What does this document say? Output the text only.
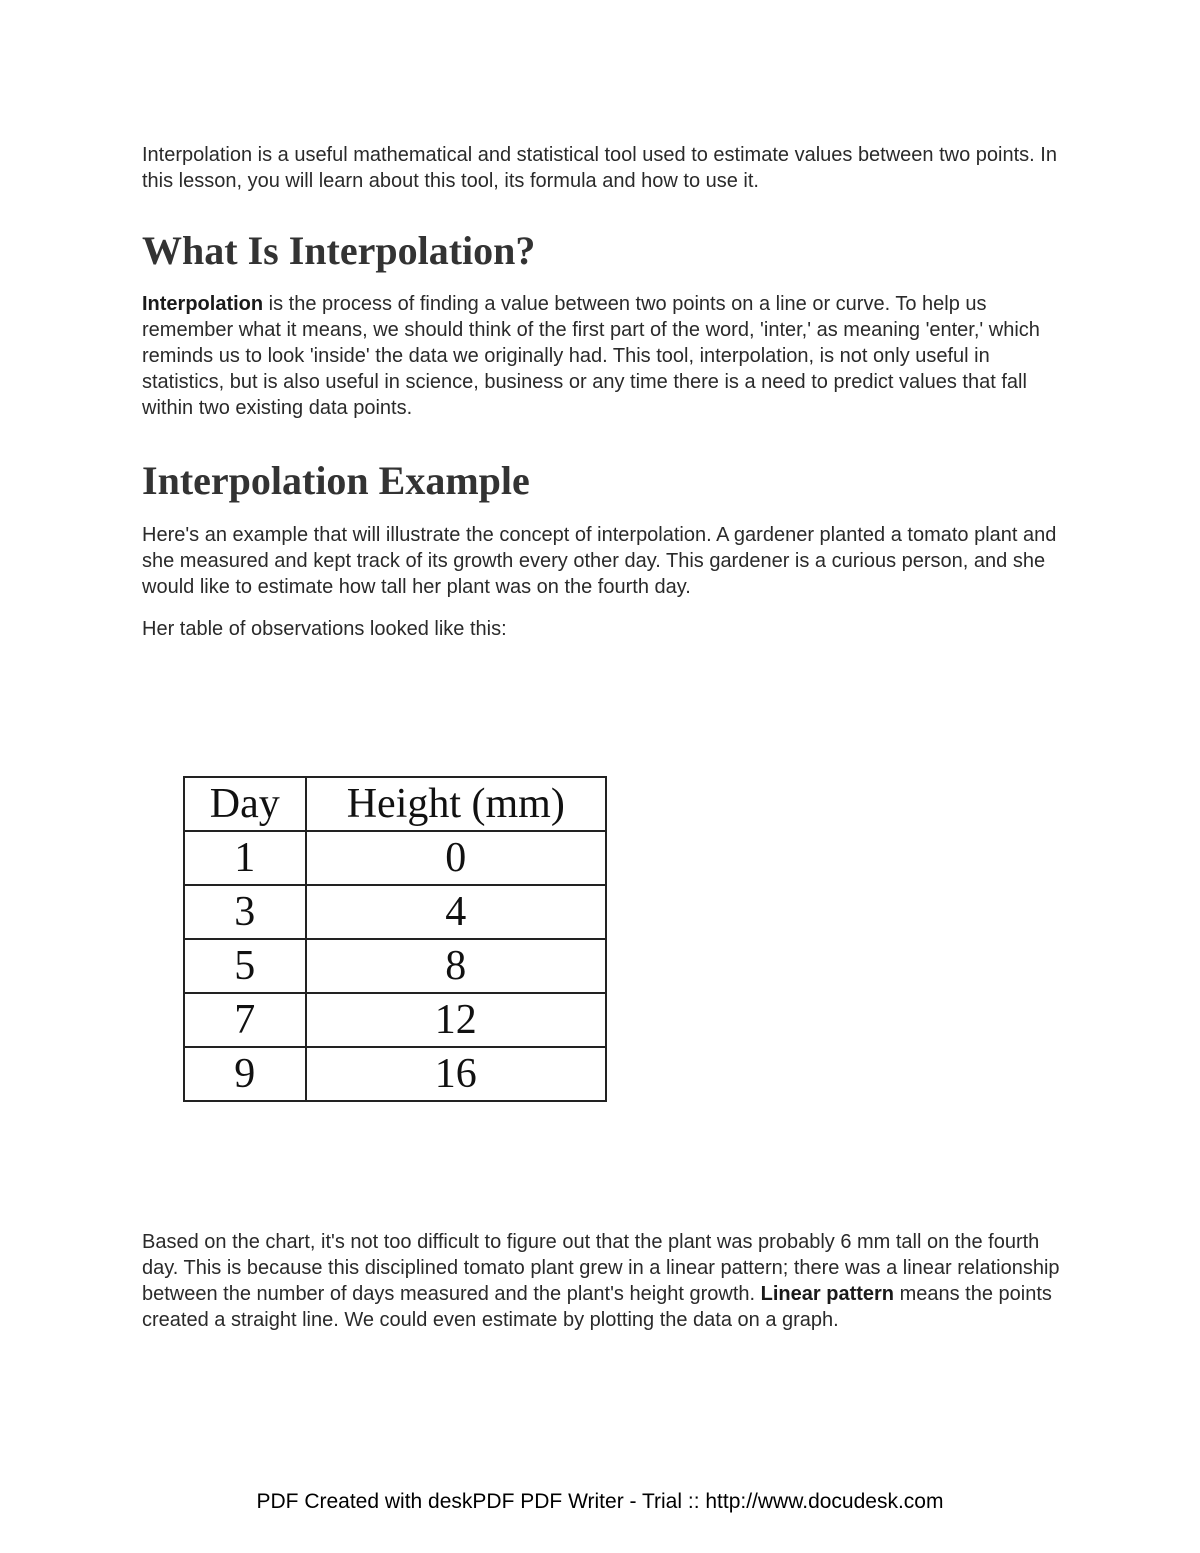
Interpolation is a useful mathematical and statistical tool used to estimate values between two points. In this lesson, you will learn about this tool, its formula and how to use it.

What Is Interpolation?

Interpolation is the process of finding a value between two points on a line or curve. To help us remember what it means, we should think of the first part of the word, 'inter,' as meaning 'enter,' which reminds us to look 'inside' the data we originally had. This tool, interpolation, is not only useful in statistics, but is also useful in science, business or any time there is a need to predict values that fall within two existing data points.

Interpolation Example

Here's an example that will illustrate the concept of interpolation. A gardener planted a tomato plant and she measured and kept track of its growth every other day. This gardener is a curious person, and she would like to estimate how tall her plant was on the fourth day.

Her table of observations looked like this:

Day	Height (mm)
1	0
3	4
5	8
7	12
9	16

Based on the chart, it's not too difficult to figure out that the plant was probably 6 mm tall on the fourth day. This is because this disciplined tomato plant grew in a linear pattern; there was a linear relationship between the number of days measured and the plant's height growth. Linear pattern means the points created a straight line. We could even estimate by plotting the data on a graph.

PDF Created with deskPDF PDF Writer - Trial :: http://www.docudesk.com
